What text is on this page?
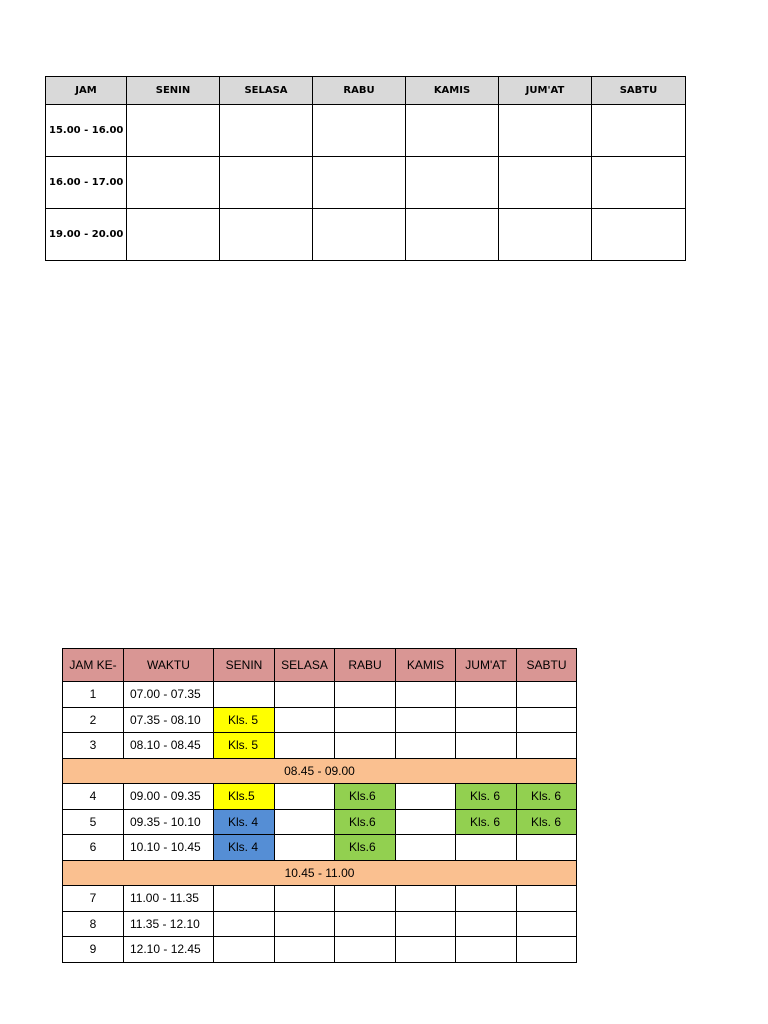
JAM	SENIN	SELASA	RABU	KAMIS	JUM'AT	SABTU
15.00 - 16.00						
16.00 - 17.00						
19.00 - 20.00						
JAM KE-	WAKTU	SENIN	SELASA	RABU	KAMIS	JUM'AT	SABTU
1	07.00 - 07.35						
2	07.35 - 08.10	Kls. 5					
3	08.10 - 08.45	Kls. 5					
08.45 - 09.00							
4	09.00 - 09.35	Kls.5		Kls.6		Kls. 6	Kls. 6
5	09.35 - 10.10	Kls. 4		Kls.6		Kls. 6	Kls. 6
6	10.10 - 10.45	Kls. 4		Kls.6			
10.45 - 11.00							
7	11.00 - 11.35						
8	11.35 - 12.10						
9	12.10 - 12.45						
